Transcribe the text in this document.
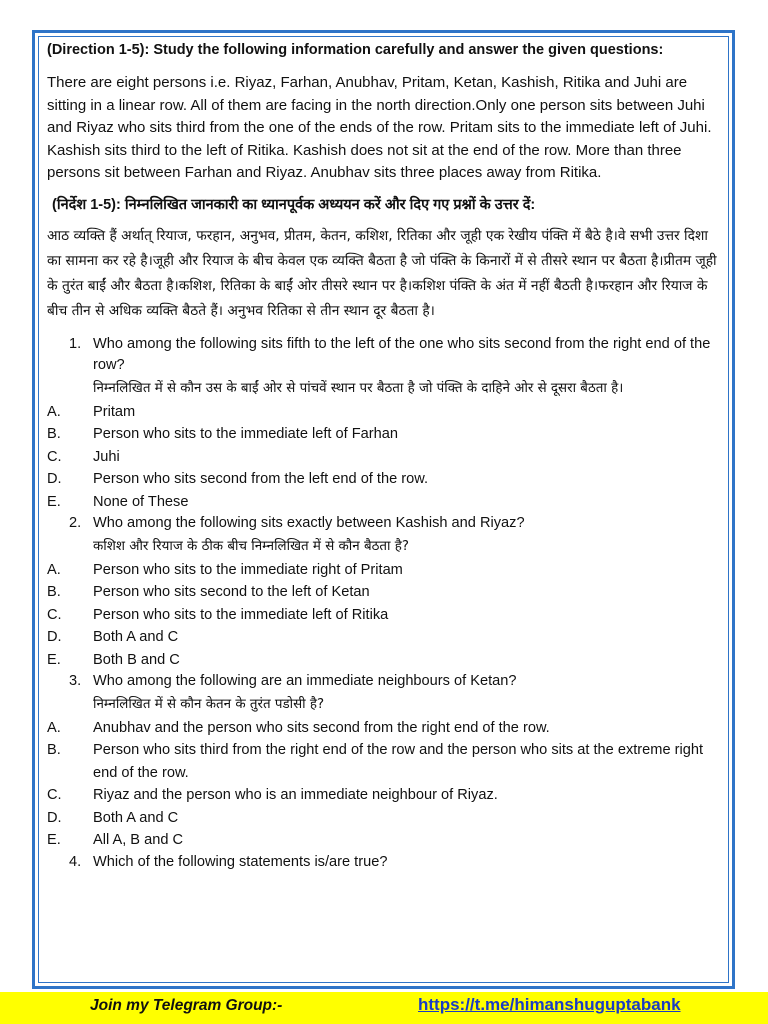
(Direction 1-5): Study the following information carefully and answer the given questions:

There are eight persons i.e. Riyaz, Farhan, Anubhav, Pritam, Ketan, Kashish, Ritika and Juhi are sitting in a linear row. All of them are facing in the north direction.Only one person sits between Juhi and Riyaz who sits third from the one of the ends of the row. Pritam sits to the immediate left of Juhi. Kashish sits third to the left of Ritika. Kashish does not sit at the end of the row. More than three persons sit between Farhan and Riyaz. Anubhav sits three places away from Ritika.

(निर्देश 1-5): निम्नलिखित जानकारी का ध्यानपूर्वक अध्ययन करें और दिए गए प्रश्नों के उत्तर दें:

आठ व्यक्ति हैं अर्थात् रियाज, फरहान, अनुभव, प्रीतम, केतन, कशिश, रितिका और जूही एक रेखीय पंक्ति में बैठे है।वे सभी उत्तर दिशा का सामना कर रहे है।जूही और रियाज के बीच केवल एक व्यक्ति बैठता है जो पंक्ति के किनारों में से तीसरे स्थान पर बैठता है।प्रीतम जूही के तुरंत बाईं और बैठता है।कशिश, रितिका के बाईं ओर तीसरे स्थान पर है।कशिश पंक्ति के अंत में नहीं बैठती है।फरहान और रियाज के बीच तीन से अधिक व्यक्ति बैठते हैं। अनुभव रितिका से तीन स्थान दूर बैठता है।

1. Who among the following sits fifth to the left of the one who sits second from the right end of the row?
निम्नलिखित में से कौन उस के बाईं ओर से पांचवें स्थान पर बैठता है जो पंक्ति के दाहिने ओर से दूसरा बैठता है।
A. Pritam
B. Person who sits to the immediate left of Farhan
C. Juhi
D. Person who sits second from the left end of the row.
E. None of These
2. Who among the following sits exactly between Kashish and Riyaz?
कशिश और रियाज के ठीक बीच निम्नलिखित में से कौन बैठता है?
A. Person who sits to the immediate right of Pritam
B. Person who sits second to the left of Ketan
C. Person who sits to the immediate left of Ritika
D. Both A and C
E. Both B and C
3. Who among the following are an immediate neighbours of Ketan?
निम्नलिखित में से कौन केतन के तुरंत पडोसी है?
A. Anubhav and the person who sits second from the right end of the row.
B. Person who sits third from the right end of the row and the person who sits at the extreme right end of the row.
C. Riyaz and the person who is an immediate neighbour of Riyaz.
D. Both A and C
E. All A, B and C
4. Which of the following statements is/are true?
Join my Telegram Group:-	https://t.me/himanshuguptabank
